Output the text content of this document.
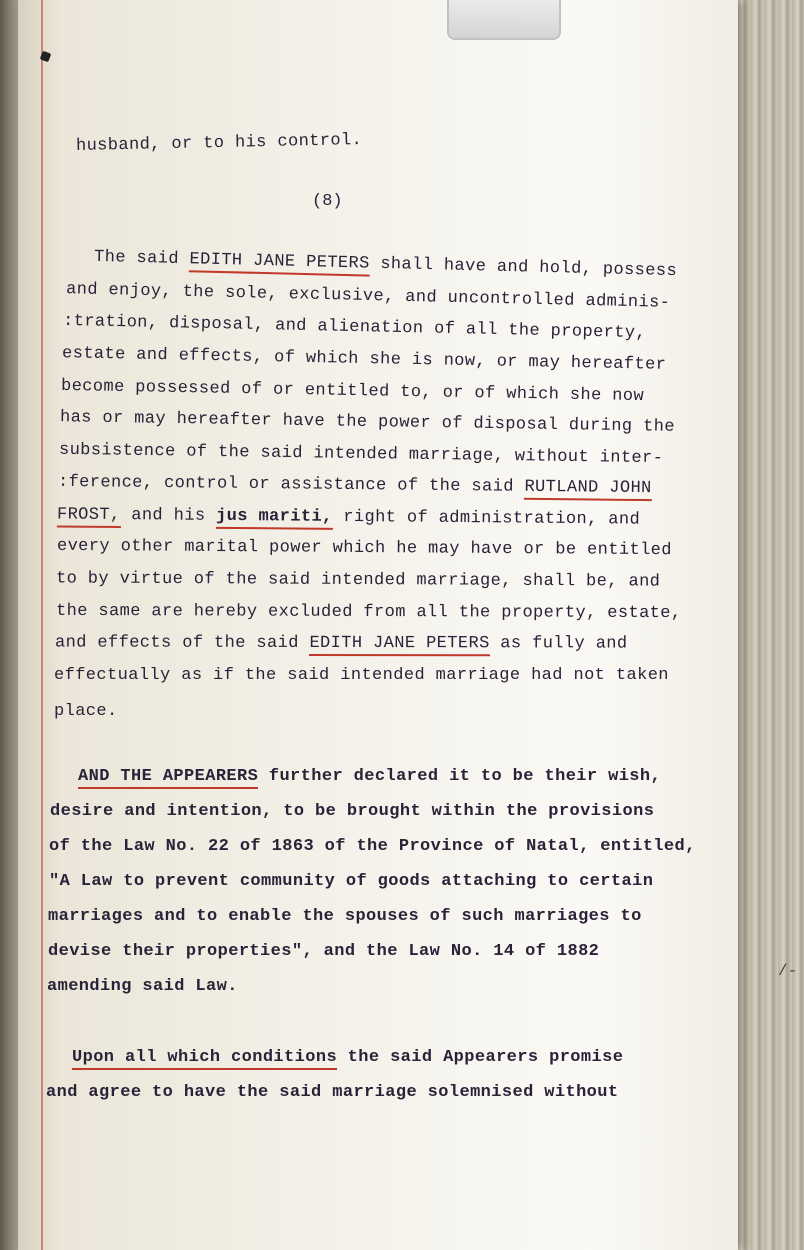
/-
husband, or to his control.
(8)
The said EDITH JANE PETERS shall have and hold, possess
and enjoy, the sole, exclusive, and uncontrolled adminis-
:tration, disposal, and alienation of all the property,
estate and effects, of which she is now, or may hereafter
become possessed of or entitled to, or of which she now
has or may hereafter have the power of disposal during the
subsistence of the said intended marriage, without inter-
:ference, control or assistance of the said RUTLAND JOHN
FROST, and his jus mariti, right of administration, and
every other marital power which he may have or be entitled
to by virtue of the said intended marriage, shall be, and
the same are hereby excluded from all the property, estate,
and effects of the said EDITH JANE PETERS as fully and
effectually as if the said intended marriage had not taken
place.
AND THE APPEARERS further declared it to be their wish,
desire and intention, to be brought within the provisions
of the Law No. 22 of 1863 of the Province of Natal, entitled,
"A Law to prevent community of goods attaching to certain
marriages and to enable the spouses of such marriages to
devise their properties", and the Law No. 14 of 1882
amending said Law.
Upon all which conditions the said Appearers promise
and agree to have the said marriage solemnised without
